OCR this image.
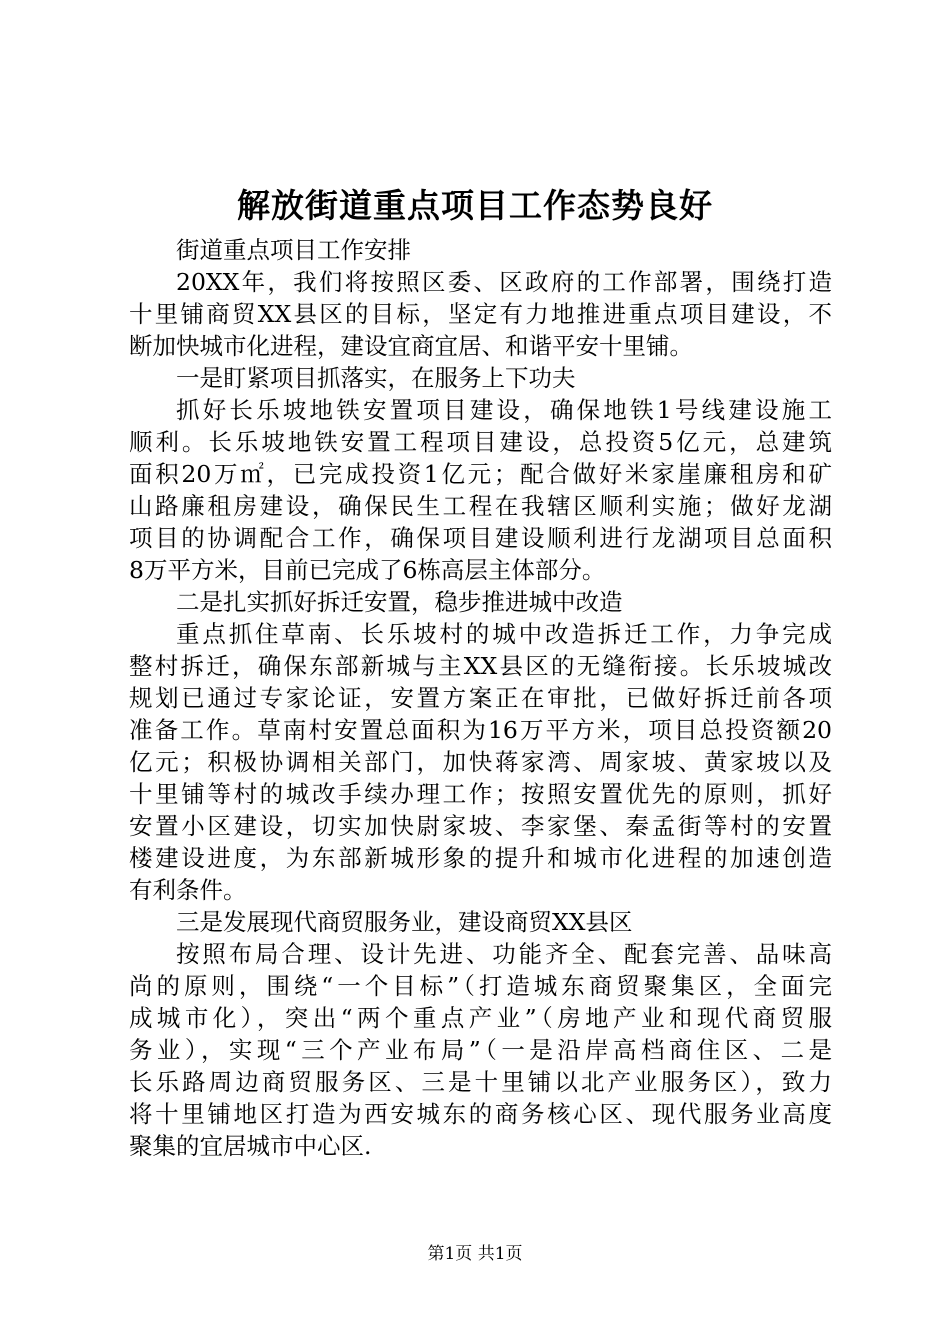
解放街道重点项目工作态势良好
街道重点项目工作安排
20XX年，我们将按照区委、区政府的工作部署，围绕打造
十里铺商贸XX县区的目标，坚定有力地推进重点项目建设，不
断加快城市化进程，建设宜商宜居、和谐平安十里铺。
一是盯紧项目抓落实，在服务上下功夫
抓好长乐坡地铁安置项目建设，确保地铁1号线建设施工
顺利。长乐坡地铁安置工程项目建设，总投资5亿元，总建筑
面积20万㎡，已完成投资1亿元；配合做好米家崖廉租房和矿
山路廉租房建设，确保民生工程在我辖区顺利实施；做好龙湖
项目的协调配合工作，确保项目建设顺利进行龙湖项目总面积
8万平方米，目前已完成了6栋高层主体部分。
二是扎实抓好拆迁安置，稳步推进城中改造
重点抓住草南、长乐坡村的城中改造拆迁工作，力争完成
整村拆迁，确保东部新城与主XX县区的无缝衔接。长乐坡城改
规划已通过专家论证，安置方案正在审批，已做好拆迁前各项
准备工作。草南村安置总面积为16万平方米，项目总投资额20
亿元；积极协调相关部门，加快蒋家湾、周家坡、黄家坡以及
十里铺等村的城改手续办理工作；按照安置优先的原则，抓好
安置小区建设，切实加快尉家坡、李家堡、秦孟街等村的安置
楼建设进度，为东部新城形象的提升和城市化进程的加速创造
有利条件。
三是发展现代商贸服务业，建设商贸XX县区
按照布局合理、设计先进、功能齐全、配套完善、品味高
尚的原则，围绕“一个目标”（打造城东商贸聚集区，全面完
成城市化），突出“两个重点产业”（房地产业和现代商贸服
务业），实现“三个产业布局”（一是沿岸高档商住区、二是
长乐路周边商贸服务区、三是十里铺以北产业服务区），致力
将十里铺地区打造为西安城东的商务核心区、现代服务业高度
聚集的宜居城市中心区.
第1页 共1页
